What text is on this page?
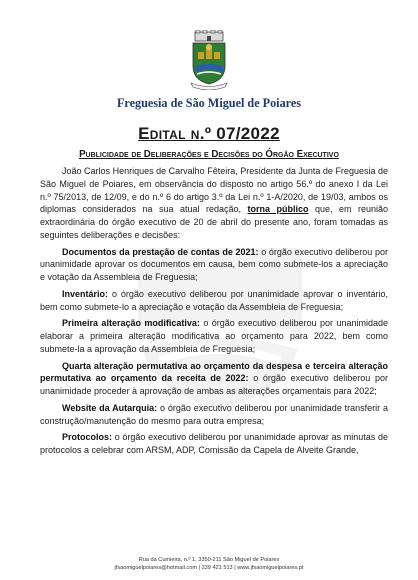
Freguesia de São Miguel de Poiares
Edital n.º 07/2022
Publicidade de Deliberações e Decisões do Órgão Executivo

João Carlos Henriques de Carvalho Fêteira, Presidente da Junta de Freguesia de São Miguel de Poiares, em observância do disposto no artigo 56.º do anexo I da Lei n.º 75/2013, de 12/09, e do n.º 6 do artigo 3.º da Lei n.º 1-A/2020, de 19/03, ambos os diplomas considerados na sua atual redação, torna público que, em reunião extraordinária do órgão executivo de 20 de abril do presente ano, foram tomadas as seguintes deliberações e decisões:

Documentos da prestação de contas de 2021: o órgão executivo deliberou por unanimidade aprovar os documentos em causa, bem como submete-los a apreciação e votação da Assembleia de Freguesia;

Inventário: o órgão executivo deliberou por unanimidade aprovar o inventário, bem como submete-lo a apreciação e votação da Assembleia de Freguesia;

Primeira alteração modificativa: o órgão executivo deliberou por unanimidade elaborar a primeira alteração modificativa ao orçamento para 2022, bem como submete-la a aprovação da Assembleia de Freguesia;

Quarta alteração permutativa ao orçamento da despesa e terceira alteração permutativa ao orçamento da receita de 2022: o órgão executivo deliberou por unanimidade proceder à aprovação de ambas as alterações orçamentais para 2022;

Website da Autarquia: o órgão executivo deliberou por unanimidade transferir a construção/manutenção do mesmo para outra empresa;

Protocolos: o órgão executivo deliberou por unanimidade aprovar as minutas de protocolos a celebrar com ARSM, ADP, Comissão da Capela de Alveite Grande,

Rua da Cumieira, n.º 1, 3350-211 São Miguel de Poiares
jfsaomiguelpoiares@hotmail.com | 239 421 513 | www.jfsaomiguelpoiares.pt
